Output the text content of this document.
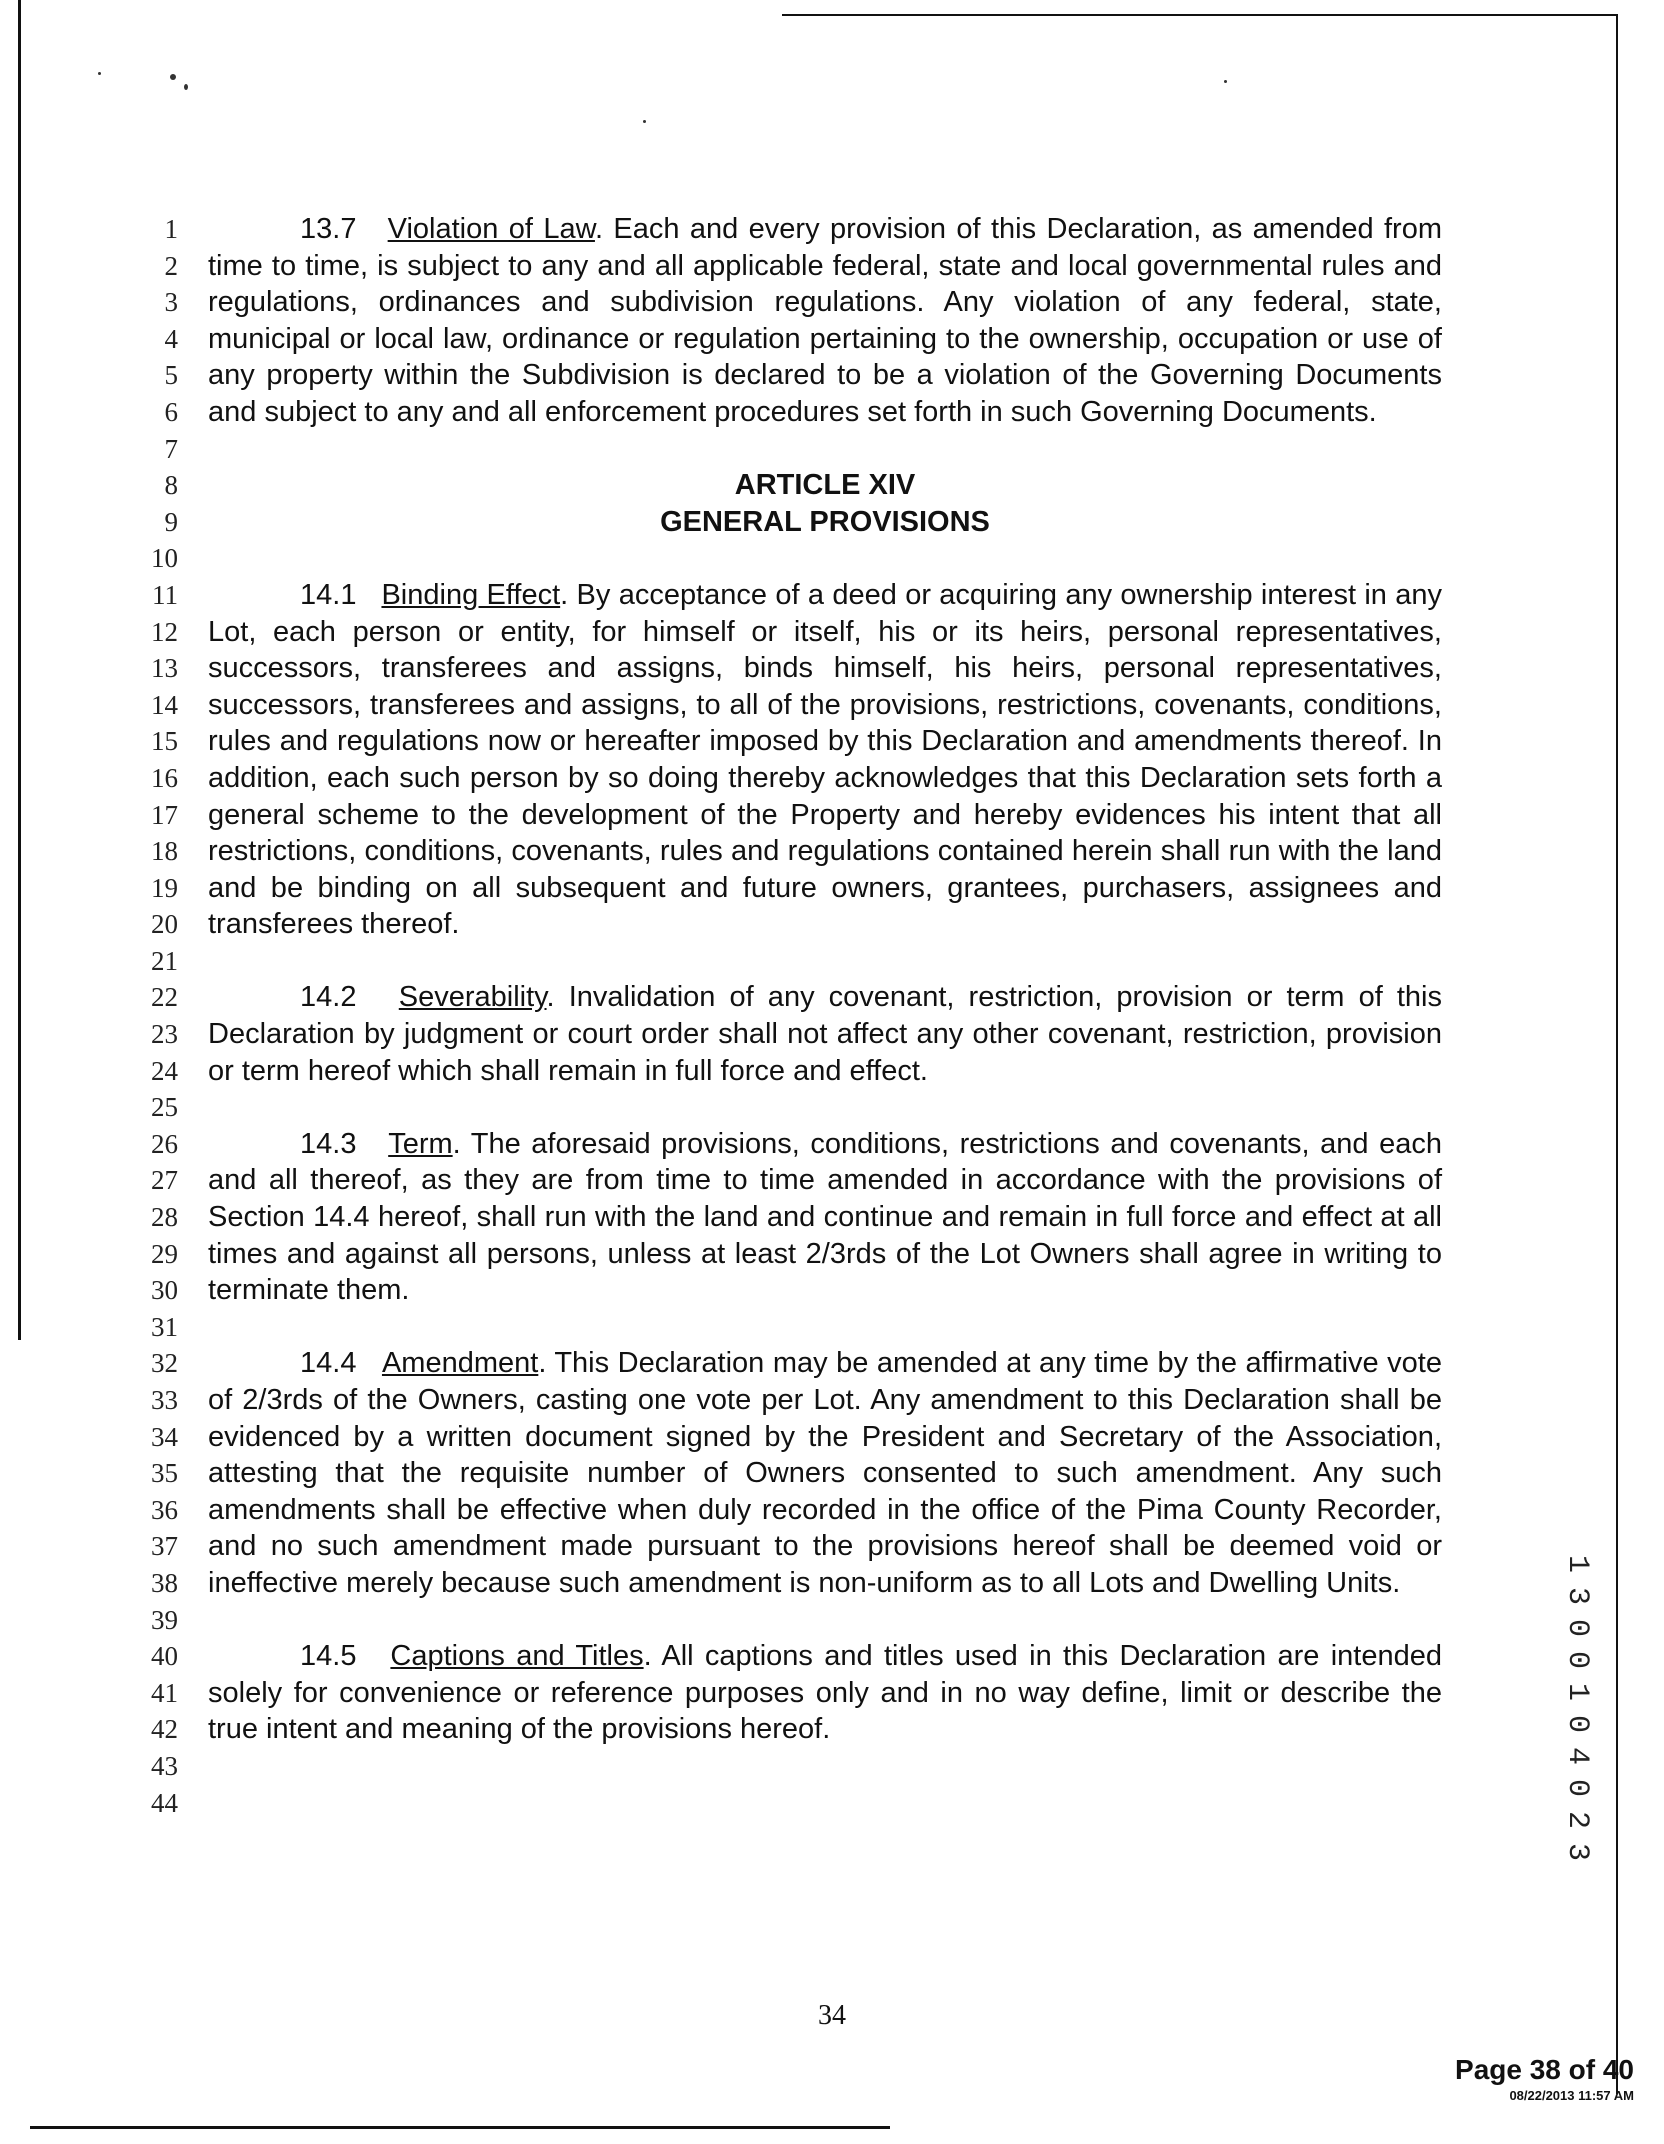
1
2
3
4
5
6
7
8
9
10
11
12
13
14
15
16
17
18
19
20
21
22
23
24
25
26
27
28
29
30
31
32
33
34
35
36
37
38
39
40
41
42
43
44

13.7 Violation of Law. Each and every provision of this Declaration, as amended from time to time, is subject to any and all applicable federal, state and local governmental rules and regulations, ordinances and subdivision regulations. Any violation of any federal, state, municipal or local law, ordinance or regulation pertaining to the ownership, occupation or use of any property within the Subdivision is declared to be a violation of the Governing Documents and subject to any and all enforcement procedures set forth in such Governing Documents.

ARTICLE XIV

GENERAL PROVISIONS

14.1 Binding Effect. By acceptance of a deed or acquiring any ownership interest in any Lot, each person or entity, for himself or itself, his or its heirs, personal representatives, successors, transferees and assigns, binds himself, his heirs, personal representatives, successors, transferees and assigns, to all of the provisions, restrictions, covenants, conditions, rules and regulations now or hereafter imposed by this Declaration and amendments thereof. In addition, each such person by so doing thereby acknowledges that this Declaration sets forth a general scheme to the development of the Property and hereby evidences his intent that all restrictions, conditions, covenants, rules and regulations contained herein shall run with the land and be binding on all subsequent and future owners, grantees, purchasers, assignees and transferees thereof.

14.2 Severability. Invalidation of any covenant, restriction, provision or term of this Declaration by judgment or court order shall not affect any other covenant, restriction, provision or term hereof which shall remain in full force and effect.

14.3 Term. The aforesaid provisions, conditions, restrictions and covenants, and each and all thereof, as they are from time to time amended in accordance with the provisions of Section 14.4 hereof, shall run with the land and continue and remain in full force and effect at all times and against all persons, unless at least 2/3rds of the Lot Owners shall agree in writing to terminate them.

14.4 Amendment. This Declaration may be amended at any time by the affirmative vote of 2/3rds of the Owners, casting one vote per Lot. Any amendment to this Declaration shall be evidenced by a written document signed by the President and Secretary of the Association, attesting that the requisite number of Owners consented to such amendment. Any such amendments shall be effective when duly recorded in the office of the Pima County Recorder, and no such amendment made pursuant to the provisions hereof shall be deemed void or ineffective merely because such amendment is non-uniform as to all Lots and Dwelling Units.

14.5 Captions and Titles. All captions and titles used in this Declaration are intended solely for convenience or reference purposes only and in no way define, limit or describe the true intent and meaning of the provisions hereof.

1
3
0
0
1
0
4
0
2
3
34
Page 38 of 40
08/22/2013 11:57 AM
